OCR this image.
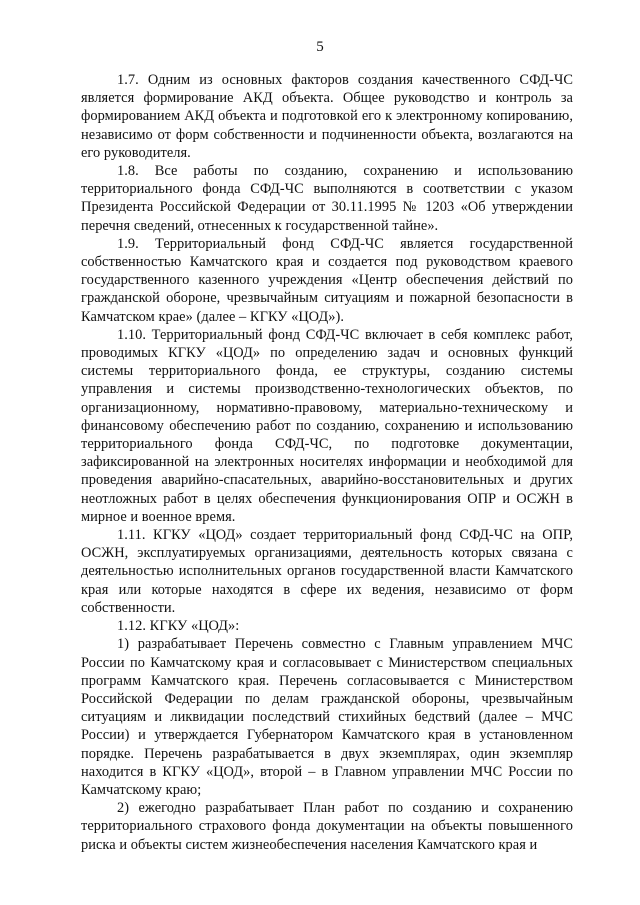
5

1.7. Одним из основных факторов создания качественного СФД-ЧС является формирование АКД объекта. Общее руководство и контроль за формированием АКД объекта и подготовкой его к электронному копированию, независимо от форм собственности и подчиненности объекта, возлагаются на его руководителя.

1.8. Все работы по созданию, сохранению и использованию территориального фонда СФД-ЧС выполняются в соответствии с указом Президента Российской Федерации от 30.11.1995 № 1203 «Об утверждении перечня сведений, отнесенных к государственной тайне».

1.9. Территориальный фонд СФД-ЧС является государственной собственностью Камчатского края и создается под руководством краевого государственного казенного учреждения «Центр обеспечения действий по гражданской обороне, чрезвычайным ситуациям и пожарной безопасности в Камчатском крае» (далее – КГКУ «ЦОД»).

1.10. Территориальный фонд СФД-ЧС включает в себя комплекс работ, проводимых КГКУ «ЦОД» по определению задач и основных функций системы территориального фонда, ее структуры, созданию системы управления и системы производственно-технологических объектов, по организационному, нормативно-правовому, материально-техническому и финансовому обеспечению работ по созданию, сохранению и использованию территориального фонда СФД-ЧС, по подготовке документации, зафиксированной на электронных носителях информации и необходимой для проведения аварийно-спасательных, аварийно-восстановительных и других неотложных работ в целях обеспечения функционирования ОПР и ОСЖН в мирное и военное время.

1.11. КГКУ «ЦОД» создает территориальный фонд СФД-ЧС на ОПР, ОСЖН, эксплуатируемых организациями, деятельность которых связана с деятельностью исполнительных органов государственной власти Камчатского края или которые находятся в сфере их ведения, независимо от форм собственности.

1.12. КГКУ «ЦОД»:

1) разрабатывает Перечень совместно с Главным управлением МЧС России по Камчатскому края и согласовывает с Министерством специальных программ Камчатского края. Перечень согласовывается с Министерством Российской Федерации по делам гражданской обороны, чрезвычайным ситуациям и ликвидации последствий стихийных бедствий (далее – МЧС России) и утверждается Губернатором Камчатского края в установленном порядке. Перечень разрабатывается в двух экземплярах, один экземпляр находится в КГКУ «ЦОД», второй – в Главном управлении МЧС России по Камчатскому краю;

2) ежегодно разрабатывает План работ по созданию и сохранению территориального страхового фонда документации на объекты повышенного риска и объекты систем жизнеобеспечения населения Камчатского края и
